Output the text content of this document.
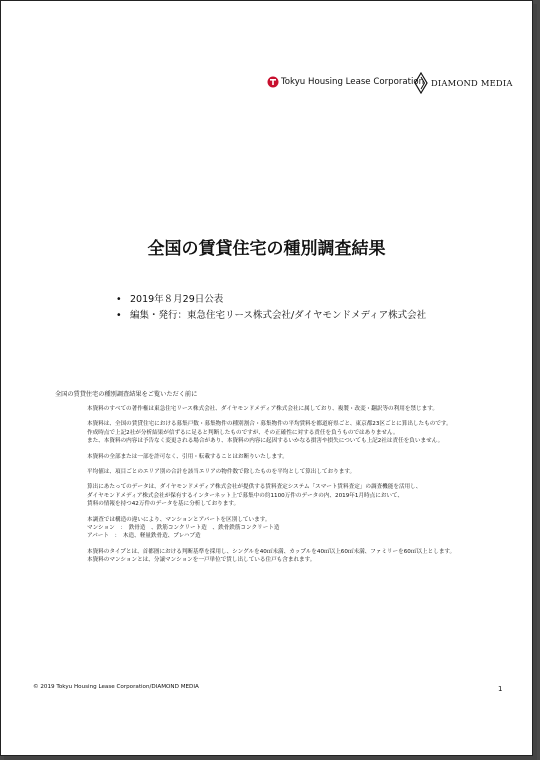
Tokyu Housing Lease Corporation DIAMOND MEDIA
全国の賃貸住宅の種別調査結果
• 2019年８月29日公表
• 編集・発行：東急住宅リース株式会社/ダイヤモンドメディア株式会社
全国の賃貸住宅の種別調査結果をご覧いただく前に
本資料のすべての著作権は東急住宅リース株式会社、ダイヤモンドメディア株式会社に属しており、複製・改変・翻訳等の利用を禁じます。
本資料は、全国の賃貸住宅における募集戸数・募集物件の種別割合・募集物件の平均賃料を都道府県ごと、東京都23区ごとに算出したものです。
作成時点で上記2社が分析結果が信ずるに足ると判断したものですが、その正確性に対する責任を負うものではありません。
また、本資料の内容は予告なく変更される場合があり、本資料の内容に起因するいかなる損害や損失についても上記2社は責任を負いません。
本資料の全部または一部を許可なく、引用・転載することはお断りいたします。
平均値は、項目ごとのエリア別の合計を該当エリアの物件数で除したものを平均として算出しております。
算出にあたってのデータは、ダイヤモンドメディア株式会社が提供する賃料査定システム「スマート賃料査定」の調査機能を活用し、
ダイヤモンドメディア株式会社が保有するインターネット上で募集中の約1100万件のデータの内、2019年1月時点において、
賃料の情報を持つ42万件のデータを基に分析しております。
本調査では構造の違いにより、マンションとアパートを区別しています。
マンション　：　鉄骨造　、鉄筋コンクリート造　、鉄骨鉄筋コンクリート造
アパート　：　木造、軽量鉄骨造、プレハブ造
本資料のタイプとは、首都圏における判断基準を採用し、シングルを40㎡未満、カップルを40㎡以上60㎡未満、ファミリーを60㎡以上とします。
本資料のマンションとは、分譲マンションを一戸単位で賃し出している住戸も含まれます。
© 2019 Tokyu Housing Lease Corporation/DIAMOND MEDIA	1
